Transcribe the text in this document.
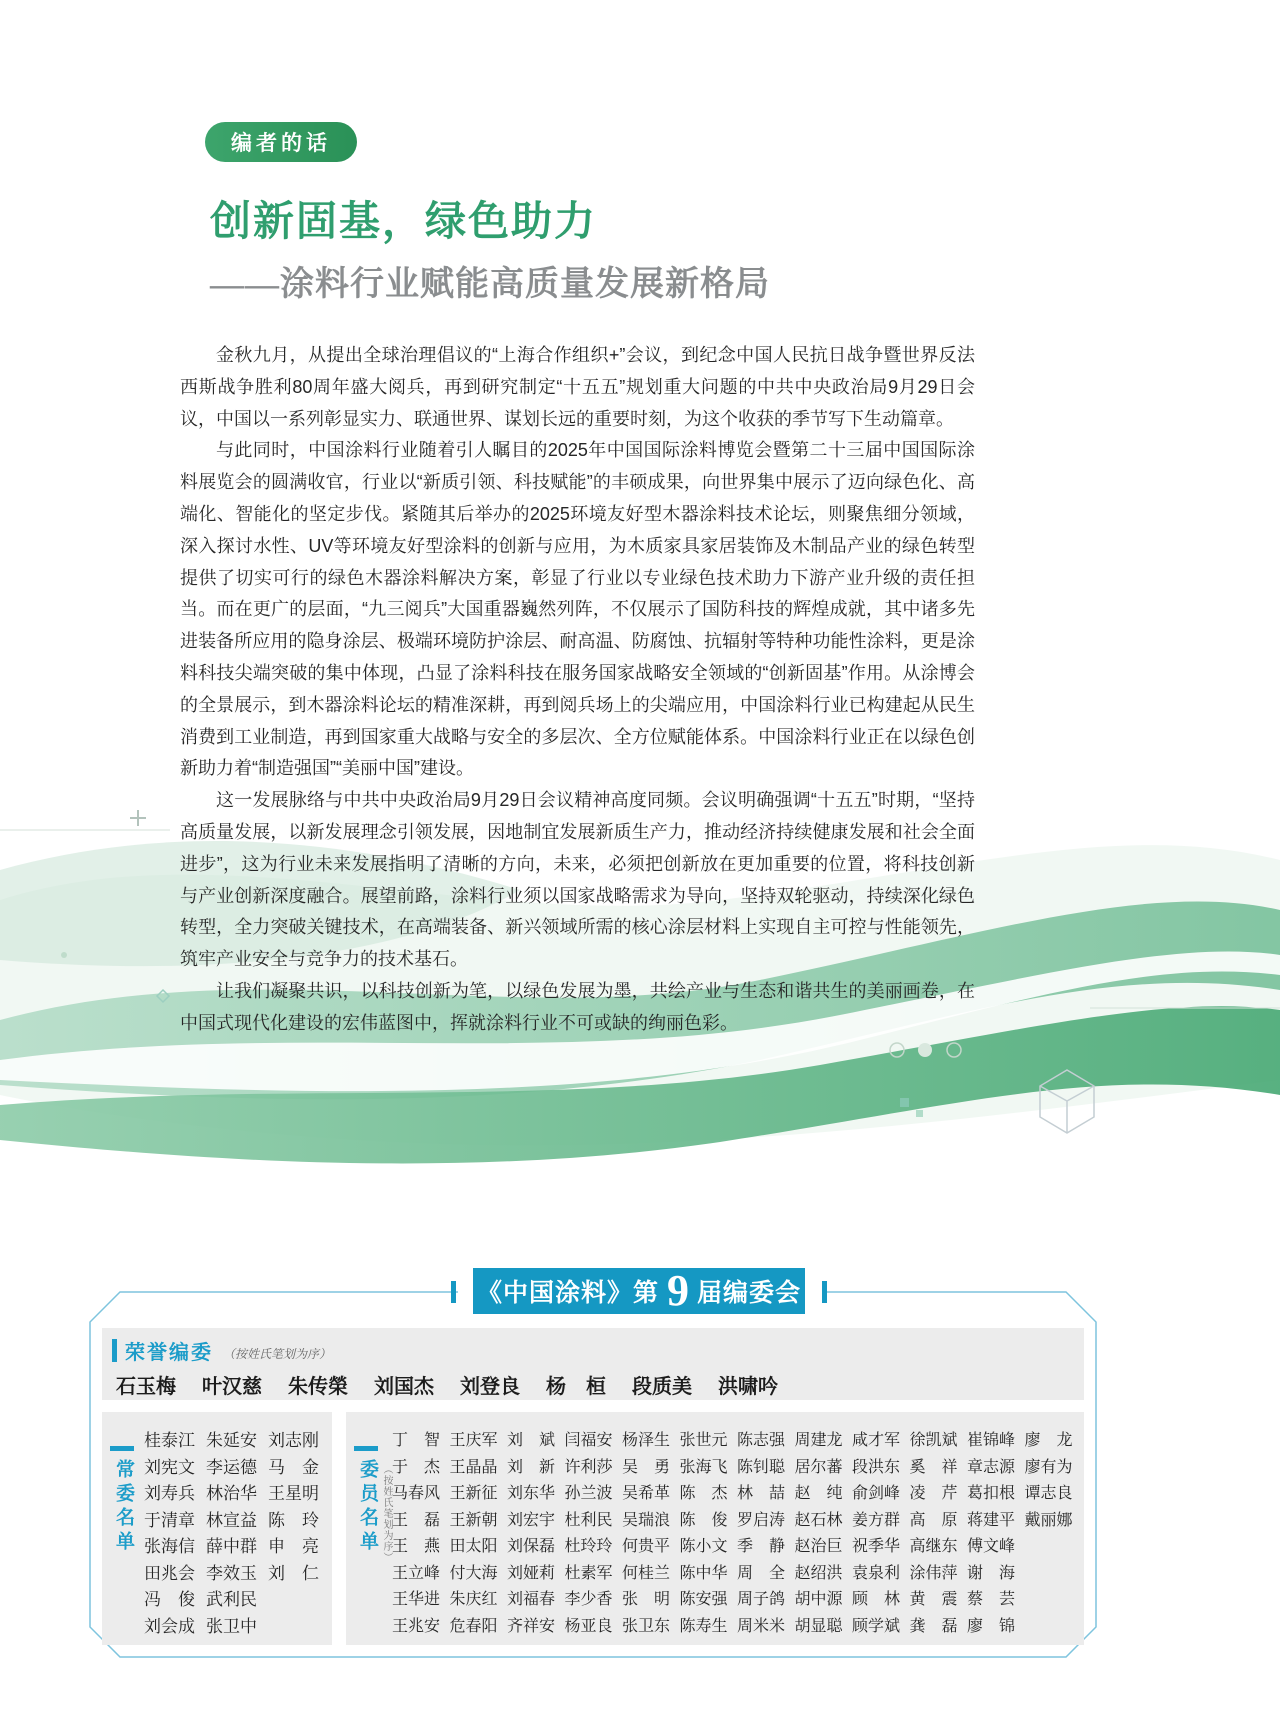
编者的话
创新固基，绿色助力
——涂料行业赋能高质量发展新格局

金秋九月，从提出全球治理倡议的“上海合作组织+”会议，到纪念中国人民抗日战争暨世界反法西斯战争胜利80周年盛大阅兵，再到研究制定“十五五”规划重大问题的中共中央政治局9月29日会议，中国以一系列彰显实力、联通世界、谋划长远的重要时刻，为这个收获的季节写下生动篇章。

与此同时，中国涂料行业随着引人瞩目的2025年中国国际涂料博览会暨第二十三届中国国际涂料展览会的圆满收官，行业以“新质引领、科技赋能”的丰硕成果，向世界集中展示了迈向绿色化、高端化、智能化的坚定步伐。紧随其后举办的2025环境友好型木器涂料技术论坛，则聚焦细分领域，深入探讨水性、UV等环境友好型涂料的创新与应用，为木质家具家居装饰及木制品产业的绿色转型提供了切实可行的绿色木器涂料解决方案，彰显了行业以专业绿色技术助力下游产业升级的责任担当。而在更广的层面，“九三阅兵”大国重器巍然列阵，不仅展示了国防科技的辉煌成就，其中诸多先进装备所应用的隐身涂层、极端环境防护涂层、耐高温、防腐蚀、抗辐射等特种功能性涂料，更是涂料科技尖端突破的集中体现，凸显了涂料科技在服务国家战略安全领域的“创新固基”作用。从涂博会的全景展示，到木器涂料论坛的精准深耕，再到阅兵场上的尖端应用，中国涂料行业已构建起从民生消费到工业制造，再到国家重大战略与安全的多层次、全方位赋能体系。中国涂料行业正在以绿色创新助力着“制造强国”“美丽中国”建设。

这一发展脉络与中共中央政治局9月29日会议精神高度同频。会议明确强调“十五五”时期，“坚持高质量发展，以新发展理念引领发展，因地制宜发展新质生产力，推动经济持续健康发展和社会全面进步”，这为行业未来发展指明了清晰的方向，未来，必须把创新放在更加重要的位置，将科技创新与产业创新深度融合。展望前路，涂料行业须以国家战略需求为导向，坚持双轮驱动，持续深化绿色转型，全力突破关键技术，在高端装备、新兴领域所需的核心涂层材料上实现自主可控与性能领先，筑牢产业安全与竞争力的技术基石。

让我们凝聚共识，以科技创新为笔，以绿色发展为墨，共绘产业与生态和谐共生的美丽画卷，在中国式现代化建设的宏伟蓝图中，挥就涂料行业不可或缺的绚丽色彩。

《中国涂料》第 9 届编委会
荣誉编委 （按姓氏笔划为序）
石玉梅 叶汉慈 朱传榮 刘国杰 刘登良 杨　桓 段质美 洪啸吟
常委名单
桂泰江 朱延安 刘志刚
刘宪文 李运德 马　金
刘寿兵 林治华 王星明
于清章 林宣益 陈　玲
张海信 薛中群 申　亮
田兆会 李效玉 刘　仁
冯　俊 武利民
刘会成 张卫中
委员名单 （按姓氏笔划为序）
丁　智 王庆军 刘　斌 闫福安 杨泽生 张世元 陈志强 周建龙 咸才军 徐凯斌 崔锦峰 廖　龙
于　杰 王晶晶 刘　新 许利莎 吴　勇 张海飞 陈钊聪 居尔蕃 段洪东 奚　祥 章志源 廖有为
马春风 王新征 刘东华 孙兰波 吴希革 陈　杰 林　喆 赵　纯 俞剑峰 凌　芹 葛扣根 谭志良
王　磊 王新朝 刘宏宇 杜利民 吴瑞浪 陈　俊 罗启涛 赵石林 姜方群 高　原 蒋建平 戴丽娜
王　燕 田太阳 刘保磊 杜玲玲 何贵平 陈小文 季　静 赵治巨 祝季华 高继东 傅文峰
王立峰 付大海 刘娅莉 杜素军 何桂兰 陈中华 周　全 赵绍洪 袁泉利 涂伟萍 谢　海
王华进 朱庆红 刘福春 李少香 张　明 陈安强 周子鸽 胡中源 顾　林 黄　震 蔡　芸
王兆安 危春阳 齐祥安 杨亚良 张卫东 陈寿生 周米米 胡显聪 顾学斌 龚　磊 廖　锦
